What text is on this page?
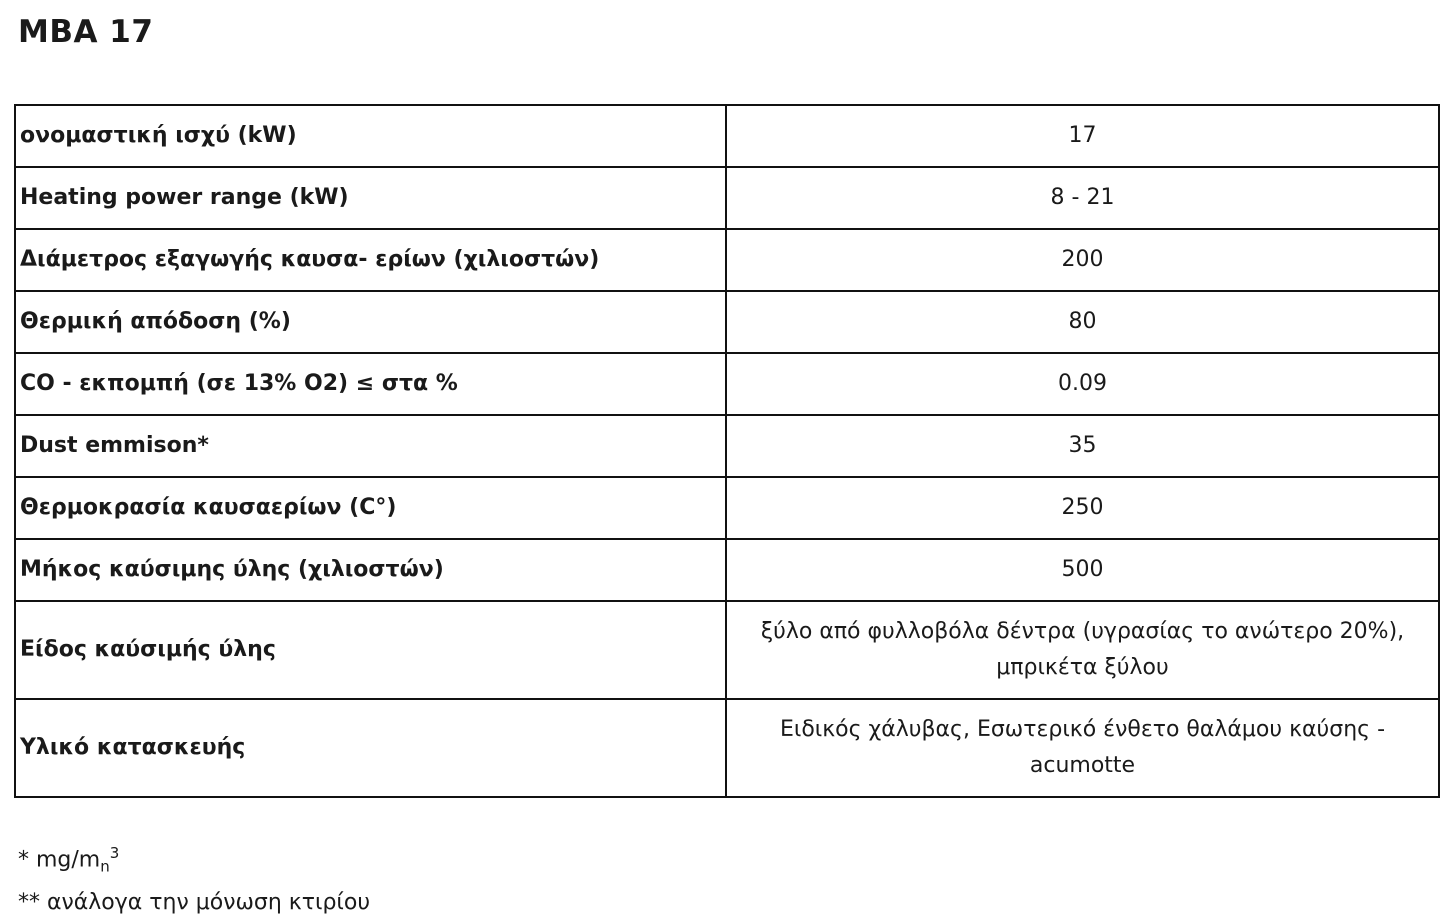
MBA 17
ονομαστική ισχύ (kW)	17
Heating power range (kW)	8 - 21
Διάμετρος εξαγωγής καυσα- ερίων (χιλιοστών)	200
Θερμική απόδοση (%)	80
CO - εκπομπή (σε 13% O2) ≤ στα %	0.09
Dust emmison*	35
Θερμοκρασία καυσαερίων (C°)	250
Μήκος καύσιμης ύλης (χιλιοστών)	500
Είδος καύσιμής ύλης	ξύλο από φυλλοβόλα δέντρα (υγρασίας το ανώτερο 20%),
μπρικέτα ξύλου

Υλικό κατασκευής	Ειδικός χάλυβας, Εσωτερικό ένθετο θαλάμου καύσης -
acumotte
* $mg/m_n^3$
** ανάλογα την μόνωση κτιρίου
